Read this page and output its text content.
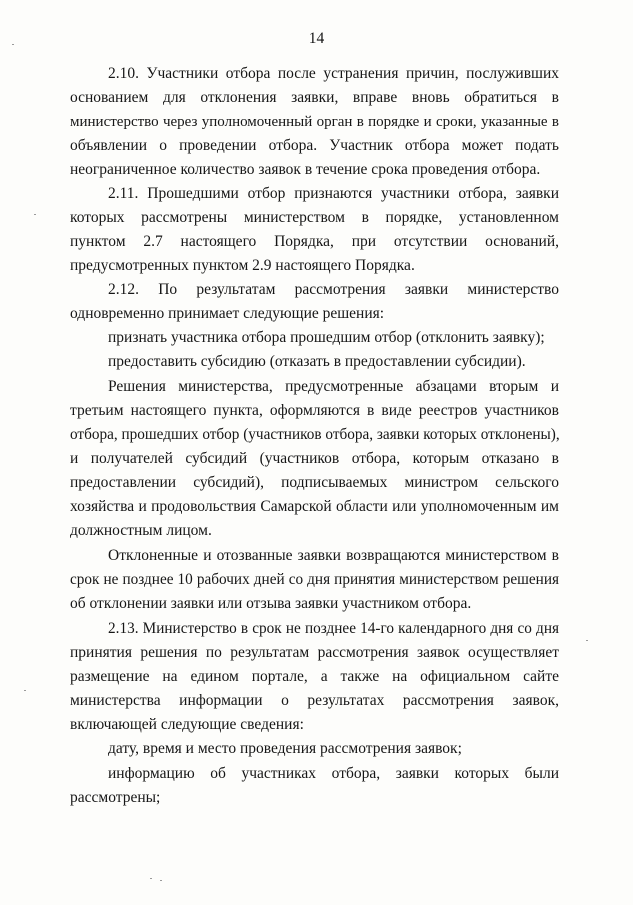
14
2.10. Участники отбора после устранения причин, послуживших
основанием для отклонения заявки, вправе вновь обратиться в
министерство через уполномоченный орган в порядке и сроки, указанные в
объявлении о проведении отбора. Участник отбора может подать
неограниченное количество заявок в течение срока проведения отбора.
2.11. Прошедшими отбор признаются участники отбора, заявки
которых рассмотрены министерством в порядке, установленном
пунктом 2.7 настоящего Порядка, при отсутствии оснований,
предусмотренных пунктом 2.9 настоящего Порядка.
2.12. По результатам рассмотрения заявки министерство
одновременно принимает следующие решения:
признать участника отбора прошедшим отбор (отклонить заявку);
предоставить субсидию (отказать в предоставлении субсидии).
Решения министерства, предусмотренные абзацами вторым и
третьим настоящего пункта, оформляются в виде реестров участников
отбора, прошедших отбор (участников отбора, заявки которых отклонены),
и получателей субсидий (участников отбора, которым отказано в
предоставлении субсидий), подписываемых министром сельского
хозяйства и продовольствия Самарской области или уполномоченным им
должностным лицом.
Отклоненные и отозванные заявки возвращаются министерством в
срок не позднее 10 рабочих дней со дня принятия министерством решения
об отклонении заявки или отзыва заявки участником отбора.
2.13. Министерство в срок не позднее 14-го календарного дня со дня
принятия решения по результатам рассмотрения заявок осуществляет
размещение на едином портале, а также на официальном сайте
министерства информации о результатах рассмотрения заявок,
включающей следующие сведения:
дату, время и место проведения рассмотрения заявок;
информацию об участниках отбора, заявки которых были
рассмотрены;
